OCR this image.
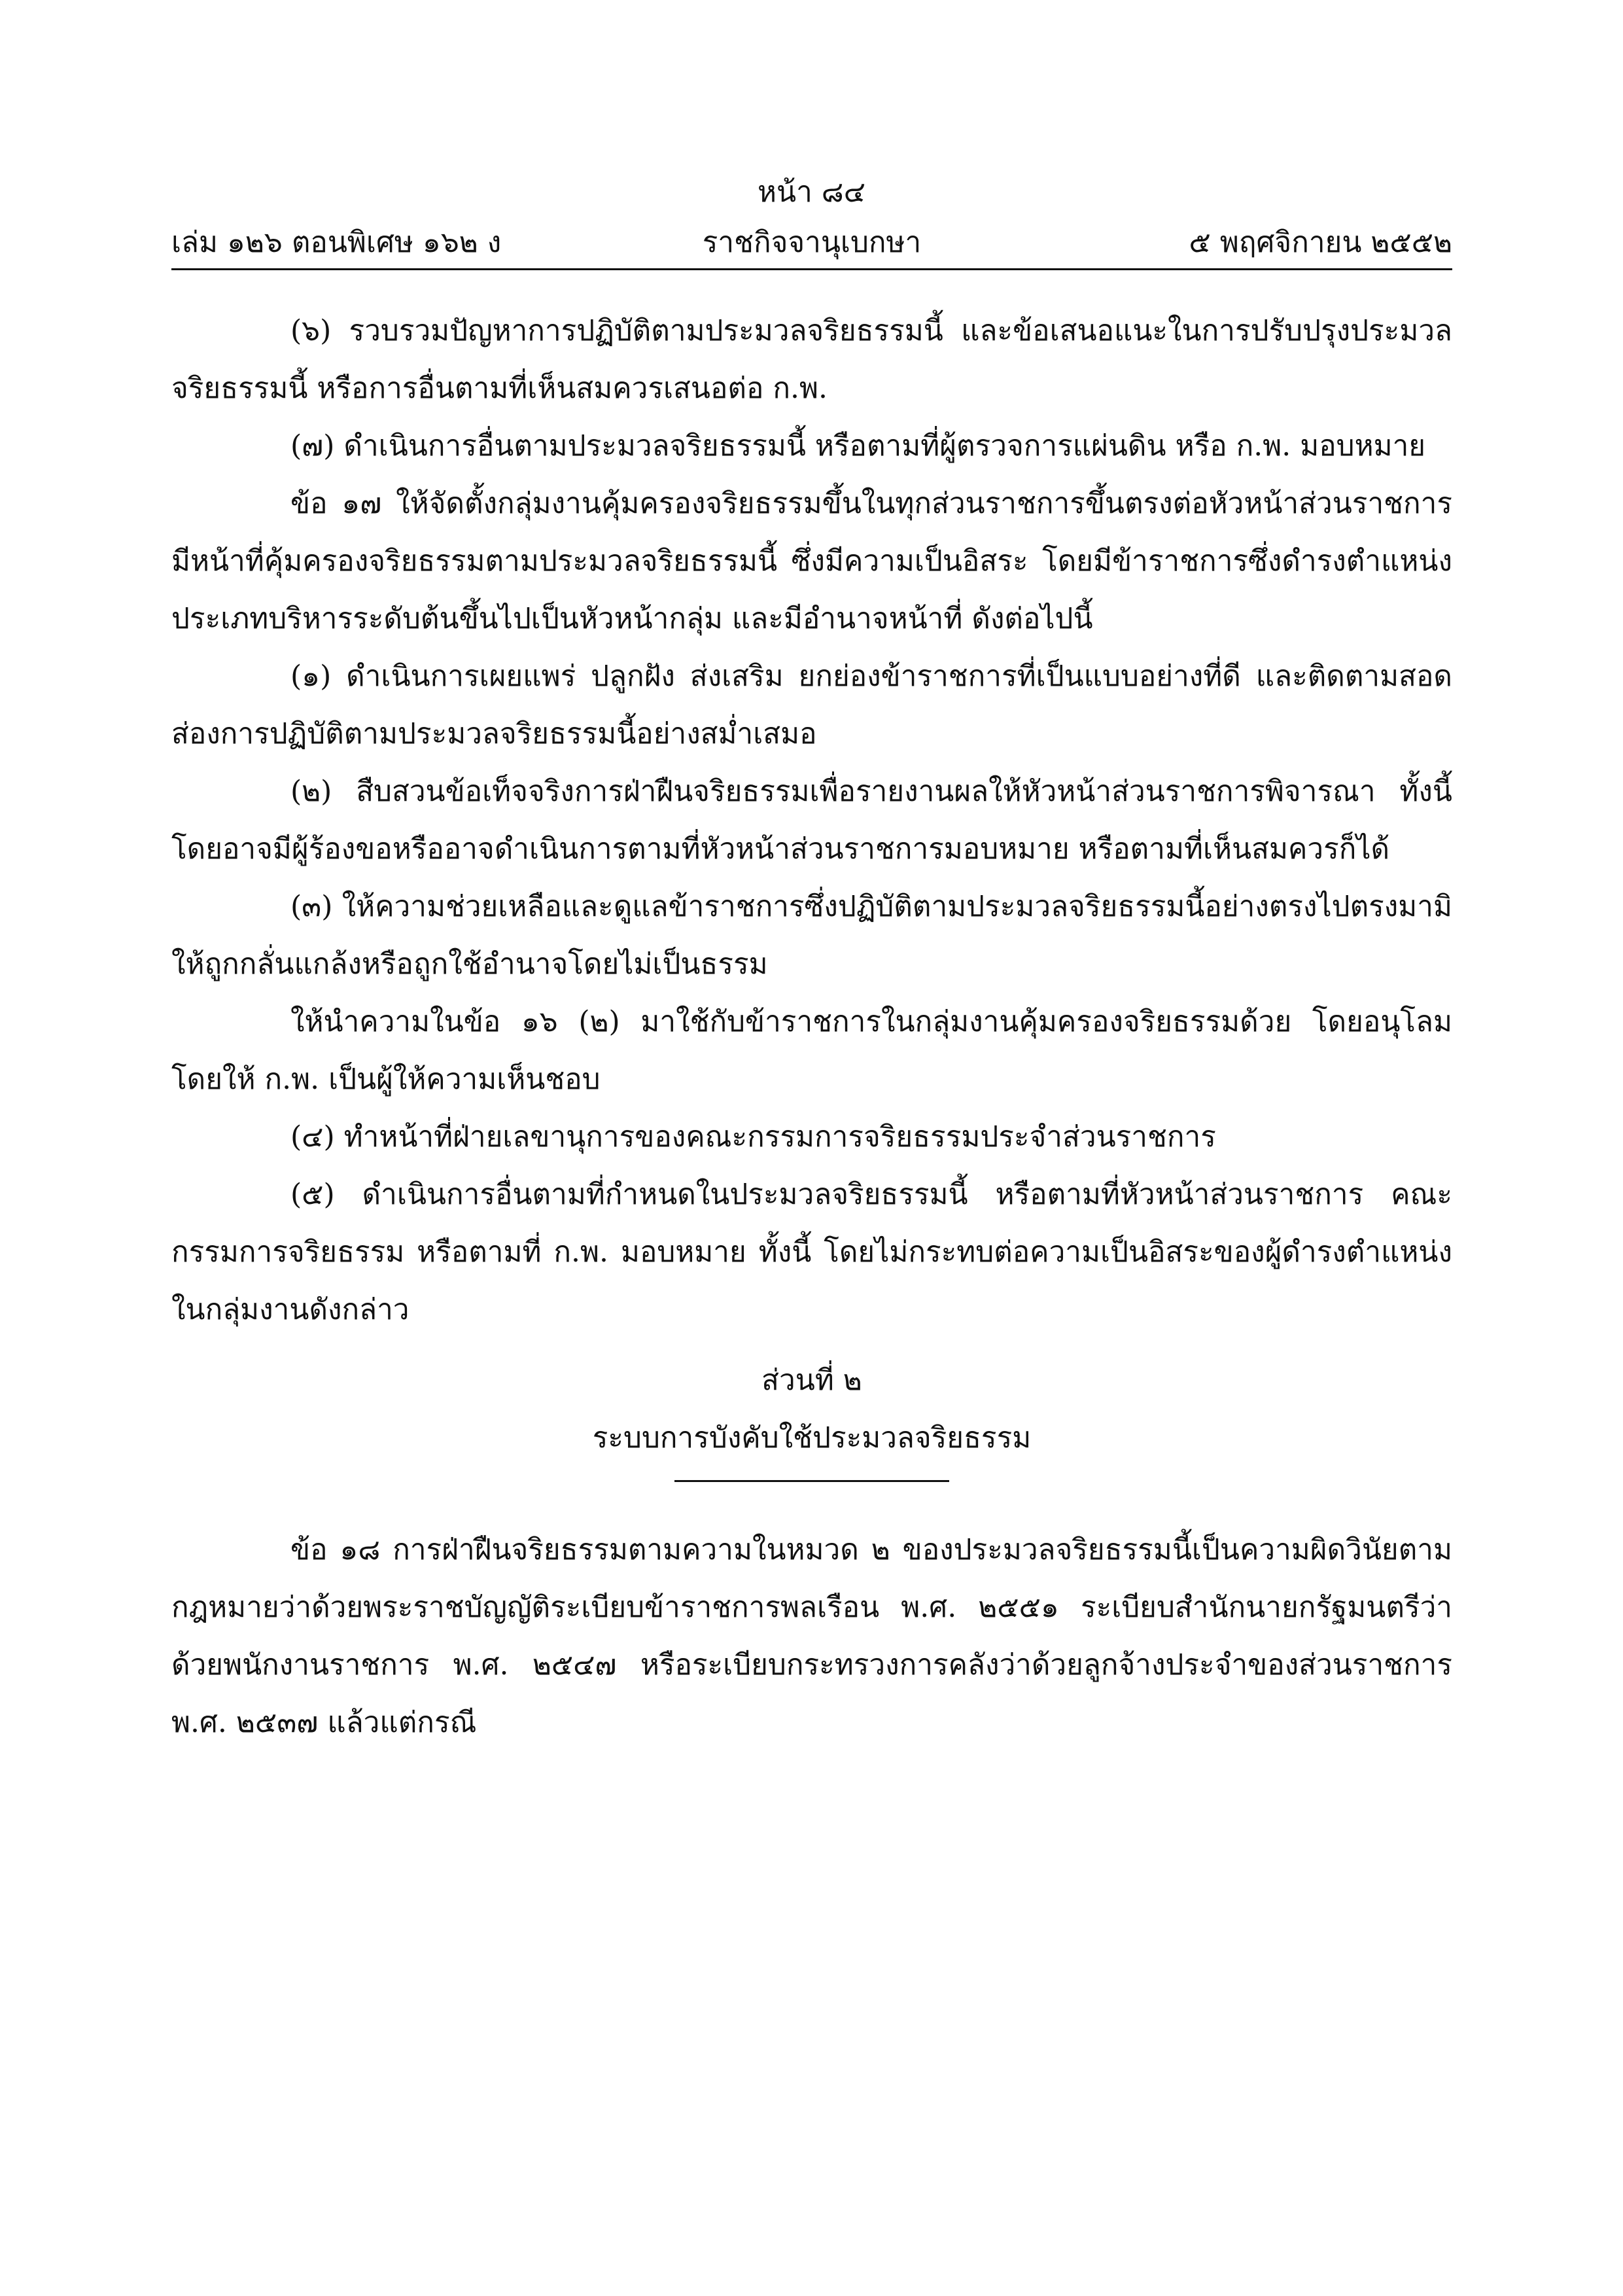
หน้า ๘๔
เล่ม ๑๒๖ ตอนพิเศษ ๑๖๒ ง	ราชกิจจานุเบกษา	๕ พฤศจิกายน ๒๕๕๒

(๖) รวบรวมปัญหาการปฏิบัติตามประมวลจริยธรรมนี้ และข้อเสนอแนะในการปรับปรุงประมวลจริยธรรมนี้ หรือการอื่นตามที่เห็นสมควรเสนอต่อ ก.พ.

(๗) ดำเนินการอื่นตามประมวลจริยธรรมนี้ หรือตามที่ผู้ตรวจการแผ่นดิน หรือ ก.พ. มอบหมาย

ข้อ ๑๗ ให้จัดตั้งกลุ่มงานคุ้มครองจริยธรรมขึ้นในทุกส่วนราชการขึ้นตรงต่อหัวหน้าส่วนราชการ มีหน้าที่คุ้มครองจริยธรรมตามประมวลจริยธรรมนี้ ซึ่งมีความเป็นอิสระ โดยมีข้าราชการซึ่งดำรงตำแหน่งประเภทบริหารระดับต้นขึ้นไปเป็นหัวหน้ากลุ่ม และมีอำนาจหน้าที่ ดังต่อไปนี้

(๑) ดำเนินการเผยแพร่ ปลูกฝัง ส่งเสริม ยกย่องข้าราชการที่เป็นแบบอย่างที่ดี และติดตามสอดส่องการปฏิบัติตามประมวลจริยธรรมนี้อย่างสม่ำเสมอ

(๒) สืบสวนข้อเท็จจริงการฝ่าฝืนจริยธรรมเพื่อรายงานผลให้หัวหน้าส่วนราชการพิจารณา ทั้งนี้ โดยอาจมีผู้ร้องขอหรืออาจดำเนินการตามที่หัวหน้าส่วนราชการมอบหมาย หรือตามที่เห็นสมควรก็ได้

(๓) ให้ความช่วยเหลือและดูแลข้าราชการซึ่งปฏิบัติตามประมวลจริยธรรมนี้อย่างตรงไปตรงมามิให้ถูกกลั่นแกล้งหรือถูกใช้อำนาจโดยไม่เป็นธรรม

ให้นำความในข้อ ๑๖ (๒) มาใช้กับข้าราชการในกลุ่มงานคุ้มครองจริยธรรมด้วย โดยอนุโลม โดยให้ ก.พ. เป็นผู้ให้ความเห็นชอบ

(๔) ทำหน้าที่ฝ่ายเลขานุการของคณะกรรมการจริยธรรมประจำส่วนราชการ

(๕) ดำเนินการอื่นตามที่กำหนดในประมวลจริยธรรมนี้ หรือตามที่หัวหน้าส่วนราชการ คณะกรรมการจริยธรรม หรือตามที่ ก.พ. มอบหมาย ทั้งนี้ โดยไม่กระทบต่อความเป็นอิสระของผู้ดำรงตำแหน่งในกลุ่มงานดังกล่าว

ส่วนที่ ๒

ระบบการบังคับใช้ประมวลจริยธรรม

ข้อ ๑๘ การฝ่าฝืนจริยธรรมตามความในหมวด ๒ ของประมวลจริยธรรมนี้เป็นความผิดวินัยตามกฎหมายว่าด้วยพระราชบัญญัติระเบียบข้าราชการพลเรือน พ.ศ. ๒๕๕๑ ระเบียบสำนักนายกรัฐมนตรีว่าด้วยพนักงานราชการ พ.ศ. ๒๕๔๗ หรือระเบียบกระทรวงการคลังว่าด้วยลูกจ้างประจำของส่วนราชการ พ.ศ. ๒๕๓๗ แล้วแต่กรณี
